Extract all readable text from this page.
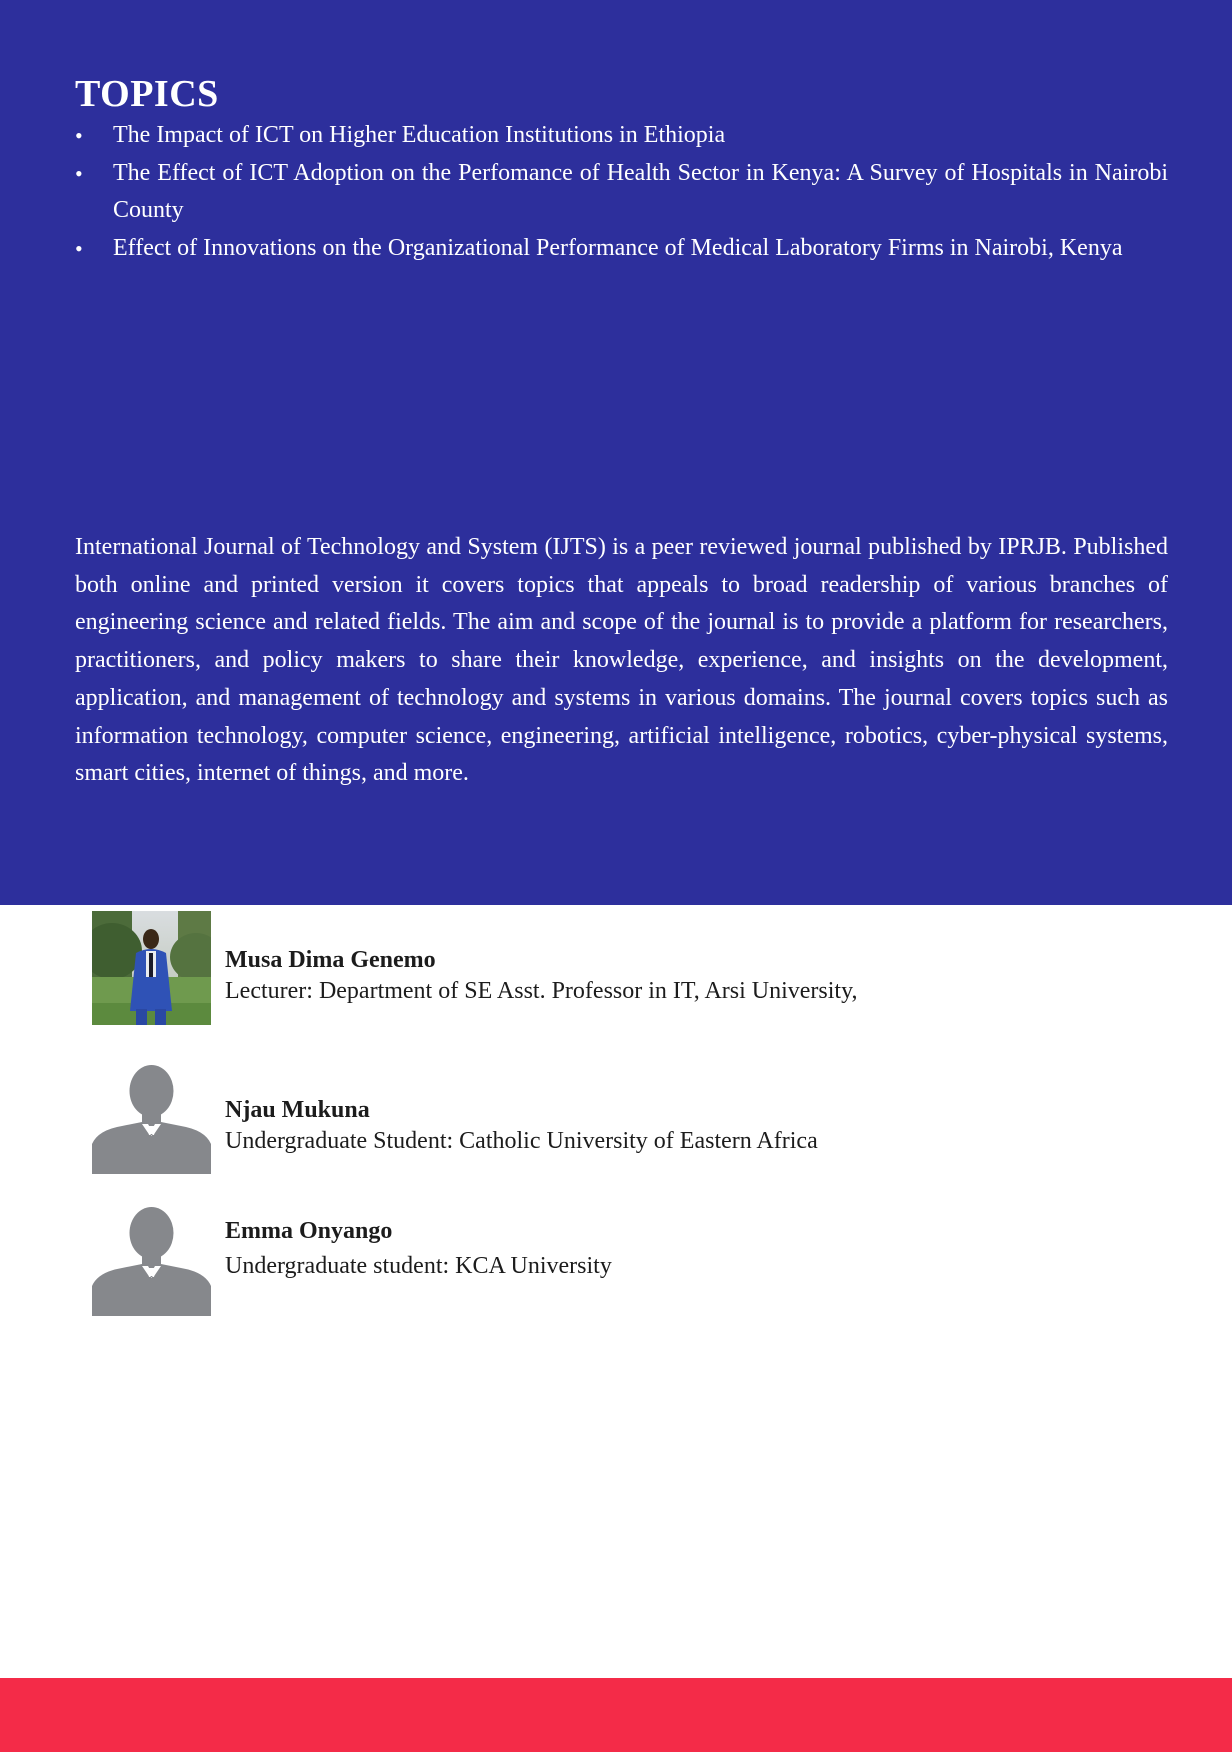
TOPICS
• The Impact of ICT on Higher Education Institutions in Ethiopia
• The Effect of ICT Adoption on the Perfomance of Health Sector in Kenya: A Survey of Hospitals in Nairobi County
• Effect of Innovations on the Organizational Performance of Medical Laboratory Firms in Nairobi, Kenya

International Journal of Technology and System (IJTS) is a peer reviewed journal published by IPRJB. Published  both online and printed version it covers topics that appeals to broad readership of various branches of engineering science and related fields. The aim and scope of the journal is to provide a platform for researchers, practitioners, and policy makers to share their knowledge, experience, and insights on the development, application, and management of technology and systems in various domains. The journal covers topics such as information technology, computer science, engineering, artificial intelligence, robotics, cyber-physical systems, smart cities, internet of things, and more.

Musa Dima Genemo

Lecturer: Department of SE Asst. Professor in IT, Arsi University,

Njau Mukuna

Undergraduate Student: Catholic University of Eastern Africa

Emma Onyango

Undergraduate student: KCA University
